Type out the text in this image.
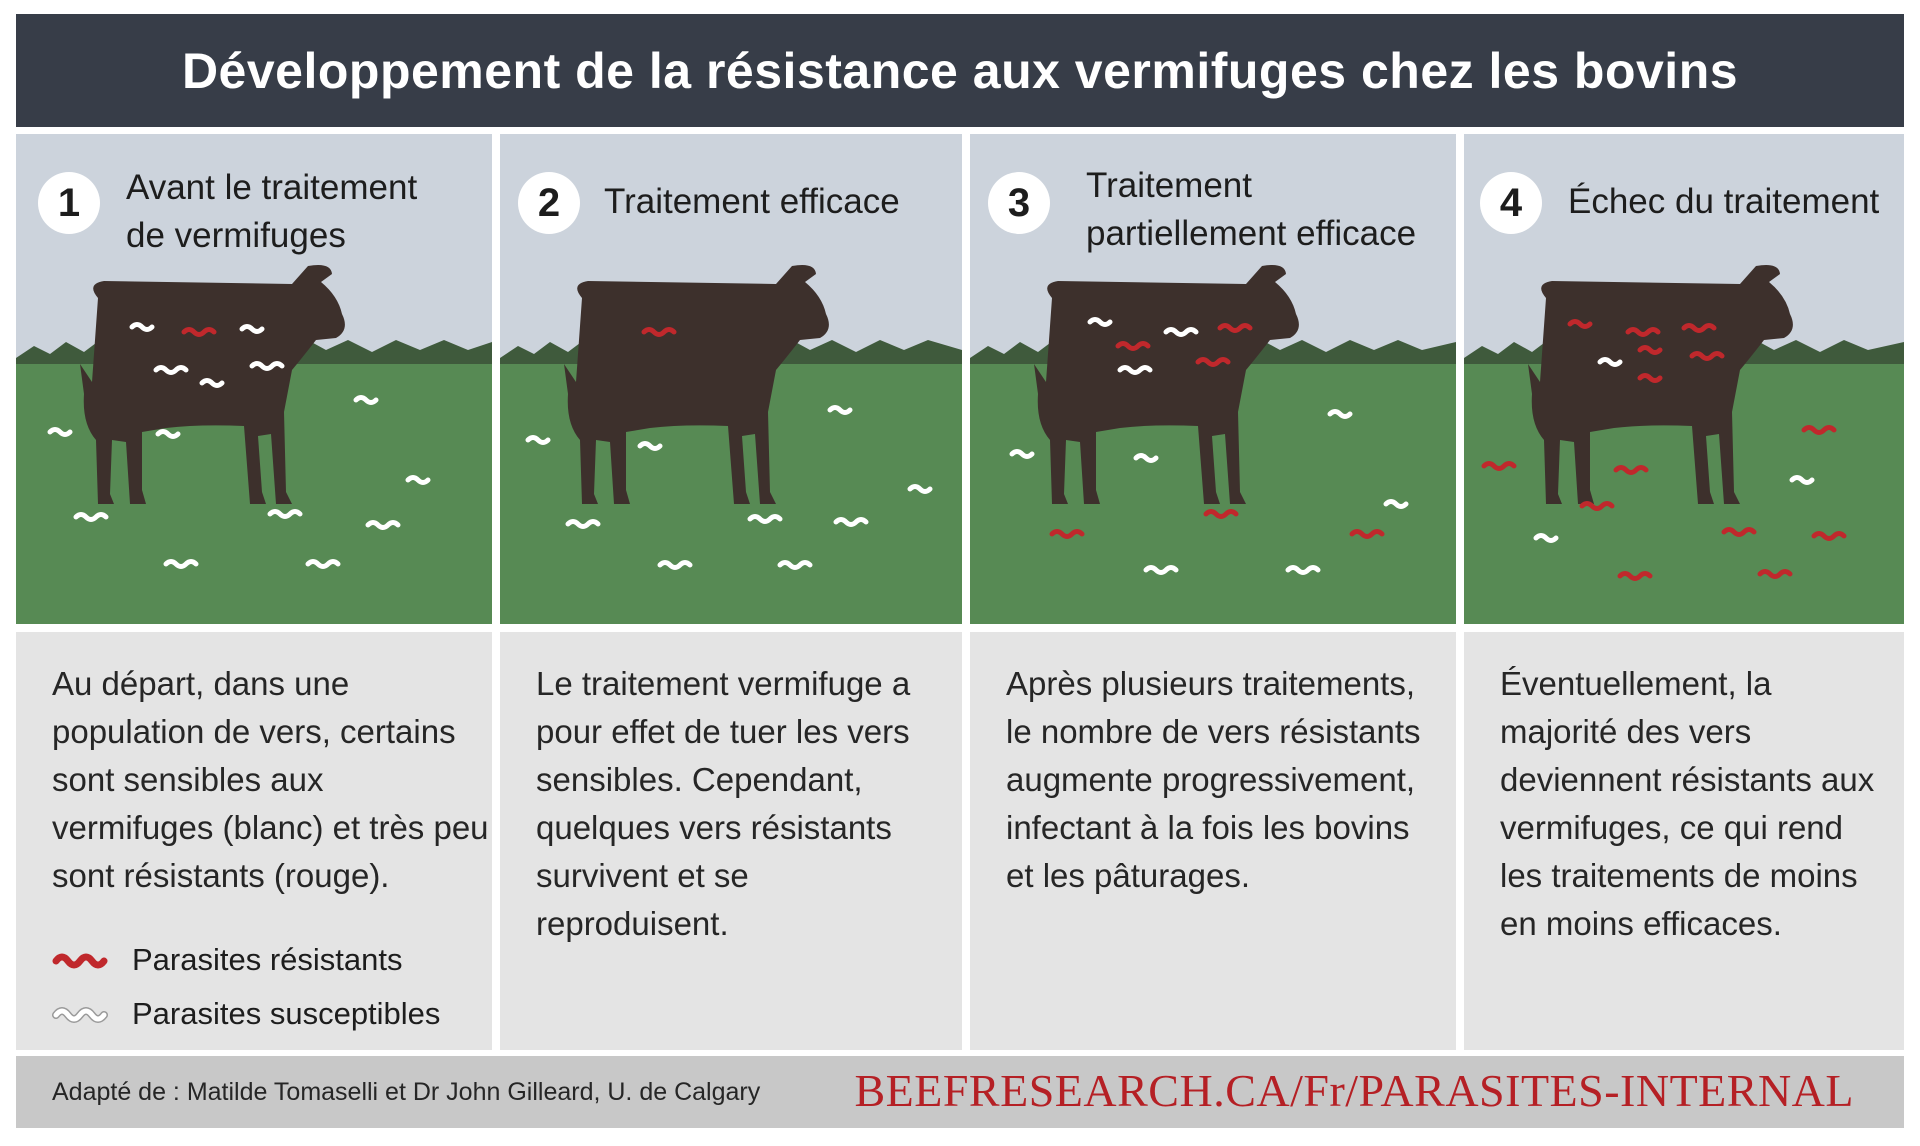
Développement de la résistance aux vermifuges chez les bovins
1	Avant le traitement
de vermifuges
2	Traitement efficace	3	Traitement
partiellement efficace
4	Échec du traitement

Au départ, dans une population de vers, certains sont sensibles aux vermifuges (blanc) et très peu sont résistants (rouge).

Parasites résistants
Parasites susceptibles

Le traitement vermifuge a pour effet de tuer les vers sensibles. Cependant, quelques vers résistants survivent et se reproduisent.

Après plusieurs traitements, le nombre de vers résistants augmente progressivement, infectant à la fois les bovins et les pâturages.

Éventuellement, la majorité des vers deviennent résistants aux vermifuges, ce qui rend les traitements de moins en moins efficaces.

Adapté de : Matilde Tomaselli et Dr John Gilleard, U. de Calgary BEEFRESEARCH.CA/Fr/PARASITES-INTERNAL
